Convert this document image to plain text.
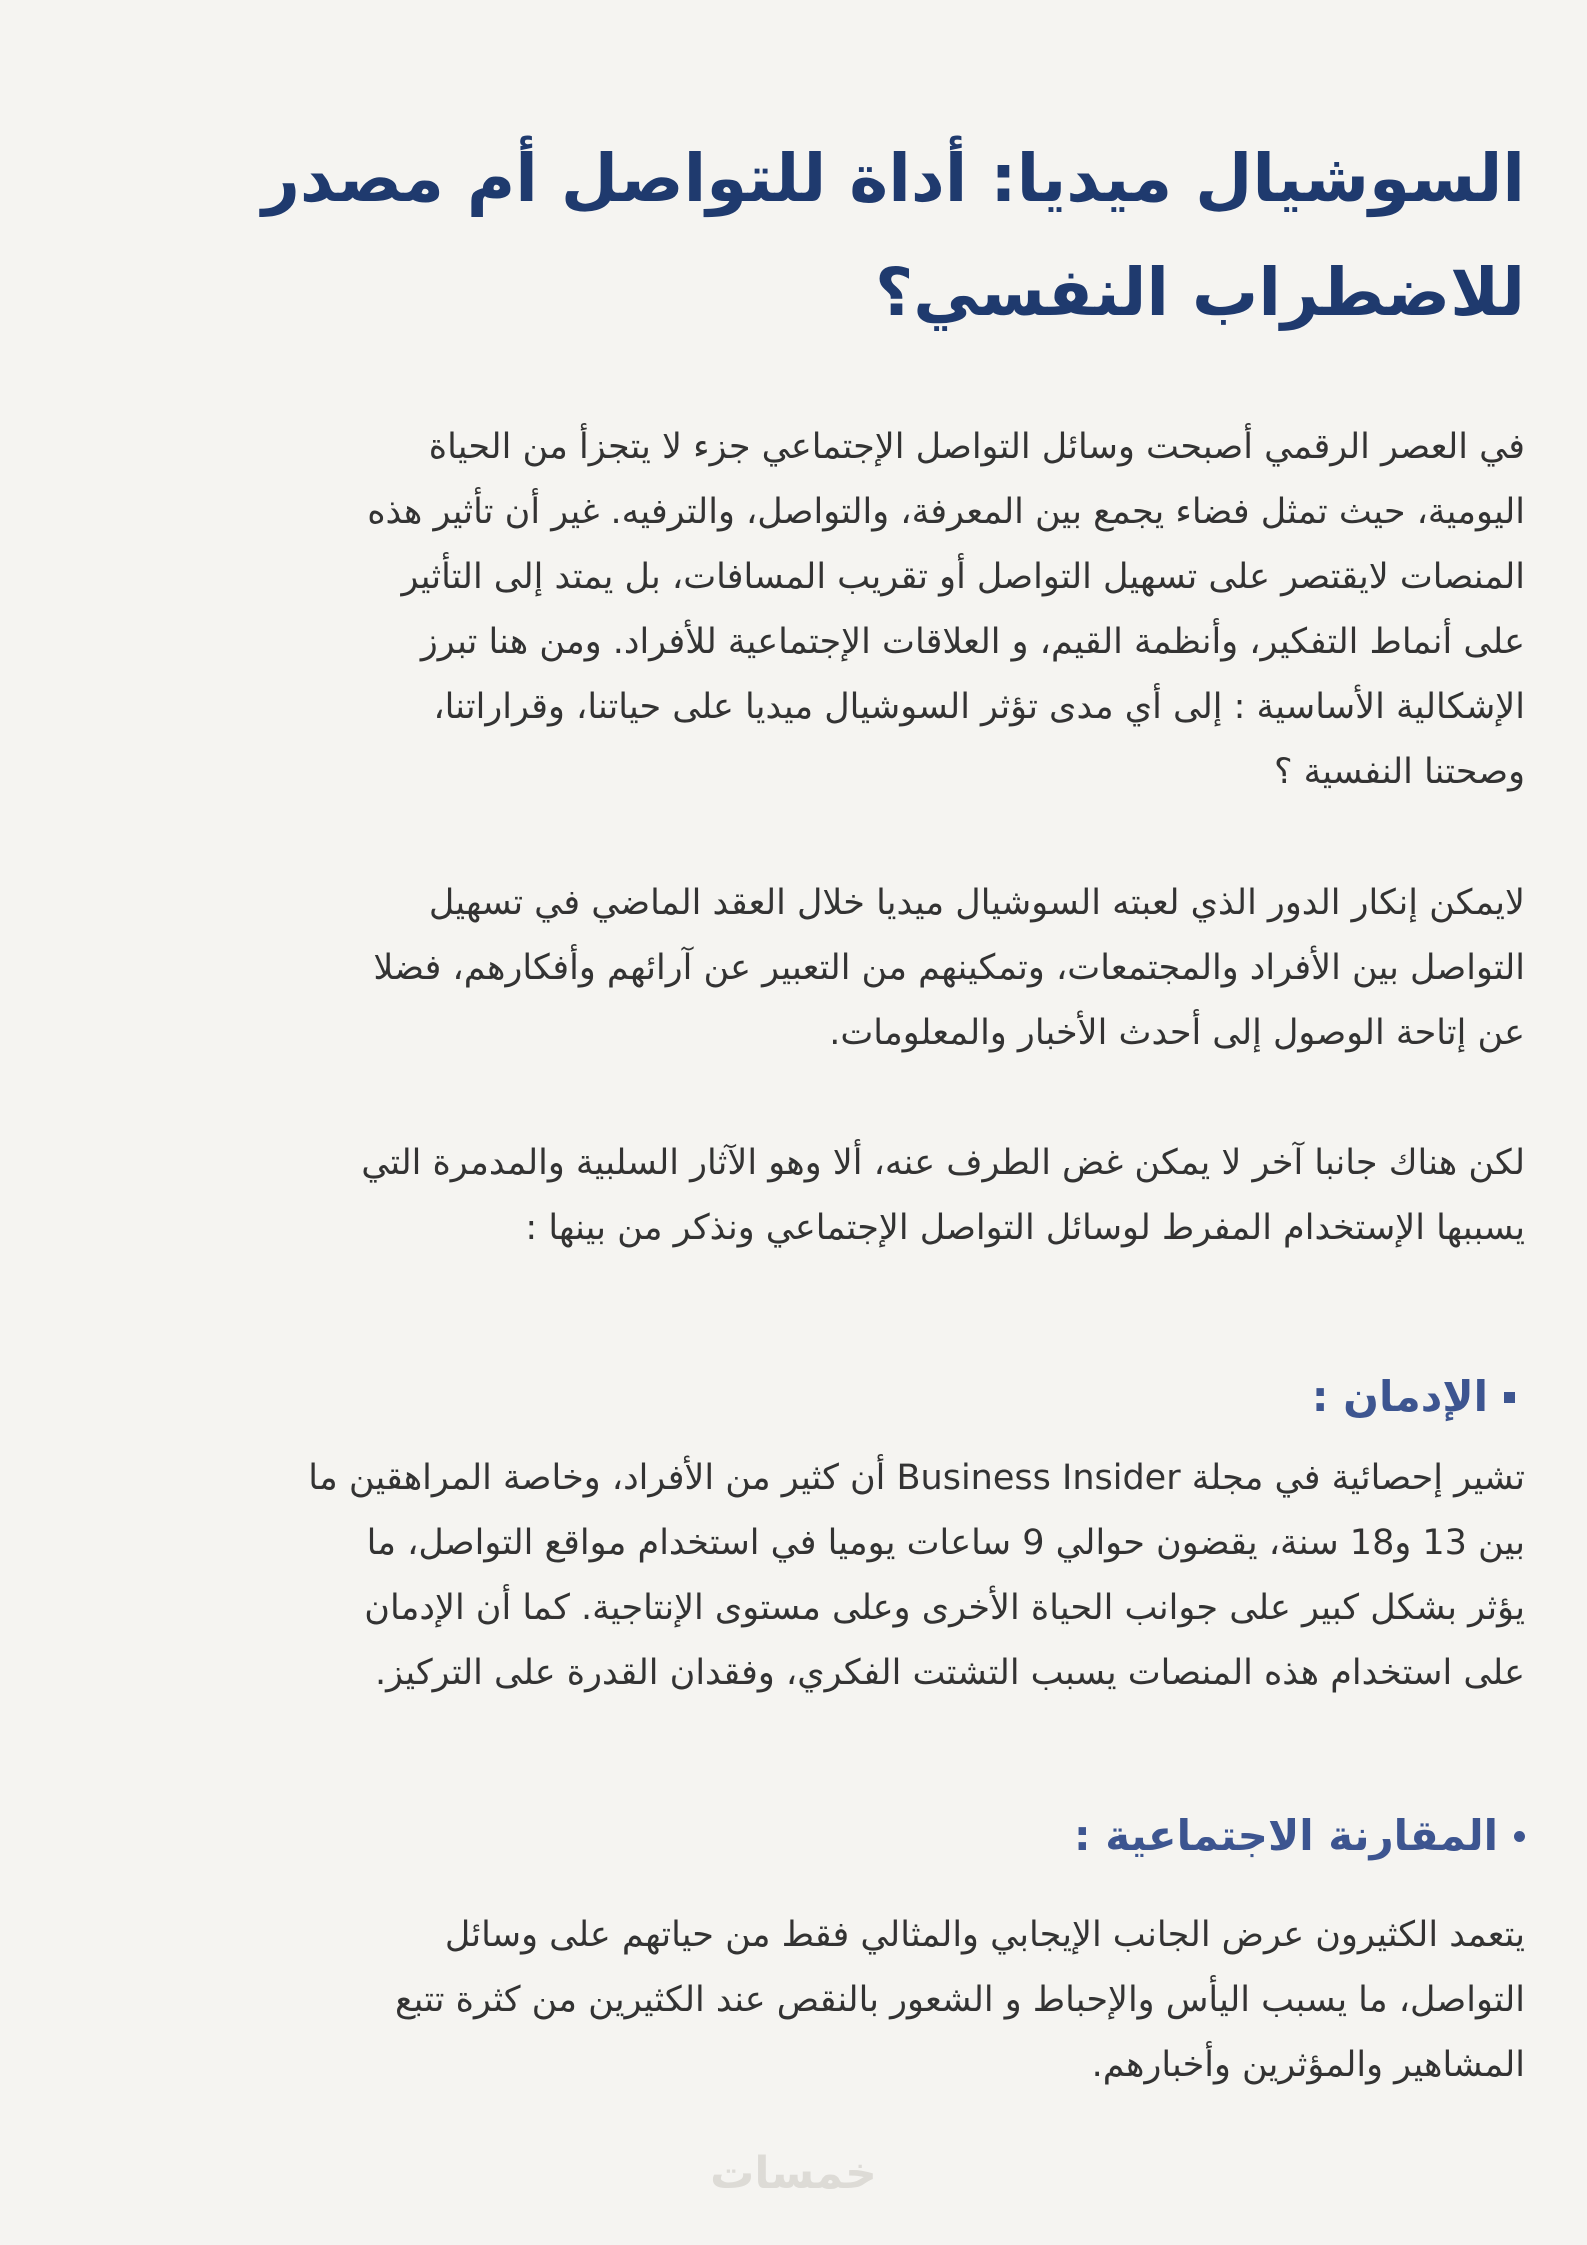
السوشيال ميديا: أداة للتواصل أم مصدر
للاضطراب النفسي؟

في العصر الرقمي أصبحت وسائل التواصل الإجتماعي جزء لا يتجزأ من الحياة
اليومية، حيث تمثل فضاء يجمع بين المعرفة، والتواصل، والترفيه. غير أن تأثير هذه
المنصات لايقتصر على تسهيل التواصل أو تقريب المسافات، بل يمتد إلى التأثير
على أنماط التفكير، وأنظمة القيم، و العلاقات الإجتماعية للأفراد. ومن هنا تبرز
الإشكالية الأساسية : إلى أي مدى تؤثر السوشيال ميديا على حياتنا، وقراراتنا،
وصحتنا النفسية ؟

لايمكن إنكار الدور الذي لعبته السوشيال ميديا خلال العقد الماضي في تسهيل
التواصل بين الأفراد والمجتمعات، وتمكينهم من التعبير عن آرائهم وأفكارهم، فضلا
عن إتاحة الوصول إلى أحدث الأخبار والمعلومات.

لكن هناك جانبا آخر لا يمكن غض الطرف عنه، ألا وهو الآثار السلبية والمدمرة التي
يسببها الإستخدام المفرط لوسائل التواصل الإجتماعي ونذكر من بينها :

الإدمان :

تشير إحصائية في مجلة Business Insider أن كثير من الأفراد، وخاصة المراهقين ما
بين 13 و18 سنة، يقضون حوالي 9 ساعات يوميا في استخدام مواقع التواصل، ما
يؤثر بشكل كبير على جوانب الحياة الأخرى وعلى مستوى الإنتاجية. كما أن الإدمان
على استخدام هذه المنصات يسبب التشتت الفكري، وفقدان القدرة على التركيز.

المقارنة الاجتماعية :

يتعمد الكثيرون عرض الجانب الإيجابي والمثالي فقط من حياتهم على وسائل
التواصل، ما يسبب اليأس والإحباط و الشعور بالنقص عند الكثيرين من كثرة تتبع
المشاهير والمؤثرين وأخبارهم.

خمسات
